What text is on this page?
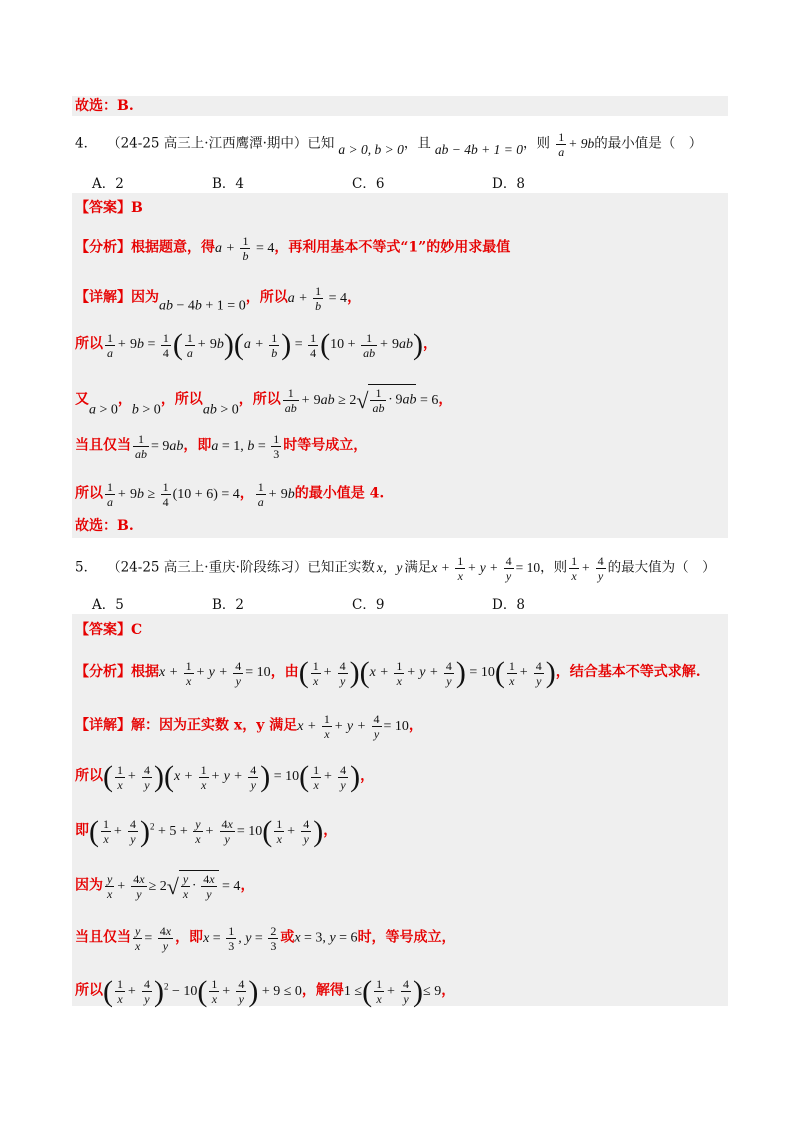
故选：B.
4． （24-25 高三上·江西鹰潭·期中）已知 a > 0, b > 0，且 ab − 4b + 1 = 0，则 $\frac{1}{a} + 9b$的最小值是（　）
A．2	B．4	C．6	D．8
【答案】B
【分析】根据题意，得$a + \frac{1}{b} = 4$，再利用基本不等式“1”的妙用求最值
【详解】因为ab − 4b + 1 = 0，所以$a + \frac{1}{b} = 4$，
所以 $\frac{1}{a} + 9b = \frac{1}{4}$ ( $\frac{1}{a} + 9b)(a + \frac{1}{b}$ ) = $\frac{1}{4} (10 + \frac{1}{ab} + 9ab)$，
又a > 0，b > 0，所以ab > 0，所以 $\frac{1}{ab} + 9ab \ge 2√ \frac{1}{ab} \cdot 9ab = 6$，
当且仅当 $\frac{1}{ab} = 9ab$，即a = 1, $b = \frac{1}{3}$ 时等号成立，
所以 $\frac{1}{a} + 9b \ge \frac{1}{4} (10 + 6) = 4$， $\frac{1}{a} + 9b$的最小值是 4.
故选：B.
5． （24-25 高三上·重庆·阶段练习）已知正实数 x，y 满足$x + \frac{1}{x} + y + \frac{4}{y} = 10$，则 $\frac{1}{x} + \frac{4}{y}$ 的最大值为（　）
A．5	B．2	C．9	D．8
【答案】C
【分析】根据$x + \frac{1}{x} + y + \frac{4}{y} = 10$，由( $\frac{1}{x} + \frac{4}{y} )(x + \frac{1}{x} + y + \frac{4}{y}$ ) = $10( \frac{1}{x} + \frac{4}{y}$ )，结合基本不等式求解.
【详解】解：因为正实数 x，y 满足$x + \frac{1}{x} + y + \frac{4}{y} = 10$，
所以( $\frac{1}{x} + \frac{4}{y} )(x + \frac{1}{x} + y + \frac{4}{y}$ ) = $10( \frac{1}{x} + \frac{4}{y}$ )，
即( $\frac{1}{x} + \frac{4}{y} )^2 + 5 + \frac{y}{x} + \frac{4x}{y} = 10( \frac{1}{x} + \frac{4}{y}$ )，
因为 $\frac{y}{x} + \frac{4x}{y} \ge 2√ \frac{y}{x} \cdot \frac{4x}{y} = 4$，
当且仅当 $\frac{y}{x} = \frac{4x}{y}$ ，即$x = \frac{1}{3}$ , $y = \frac{2}{3}$ 或x = 3, y = 6时，等号成立，
所以( $\frac{1}{x} + \frac{4}{y} )^2 - 10( \frac{1}{x} + \frac{4}{y}$ ) + 9 ≤ 0，解得1 ≤( $\frac{1}{x} + \frac{4}{y}$ )≤ 9，
